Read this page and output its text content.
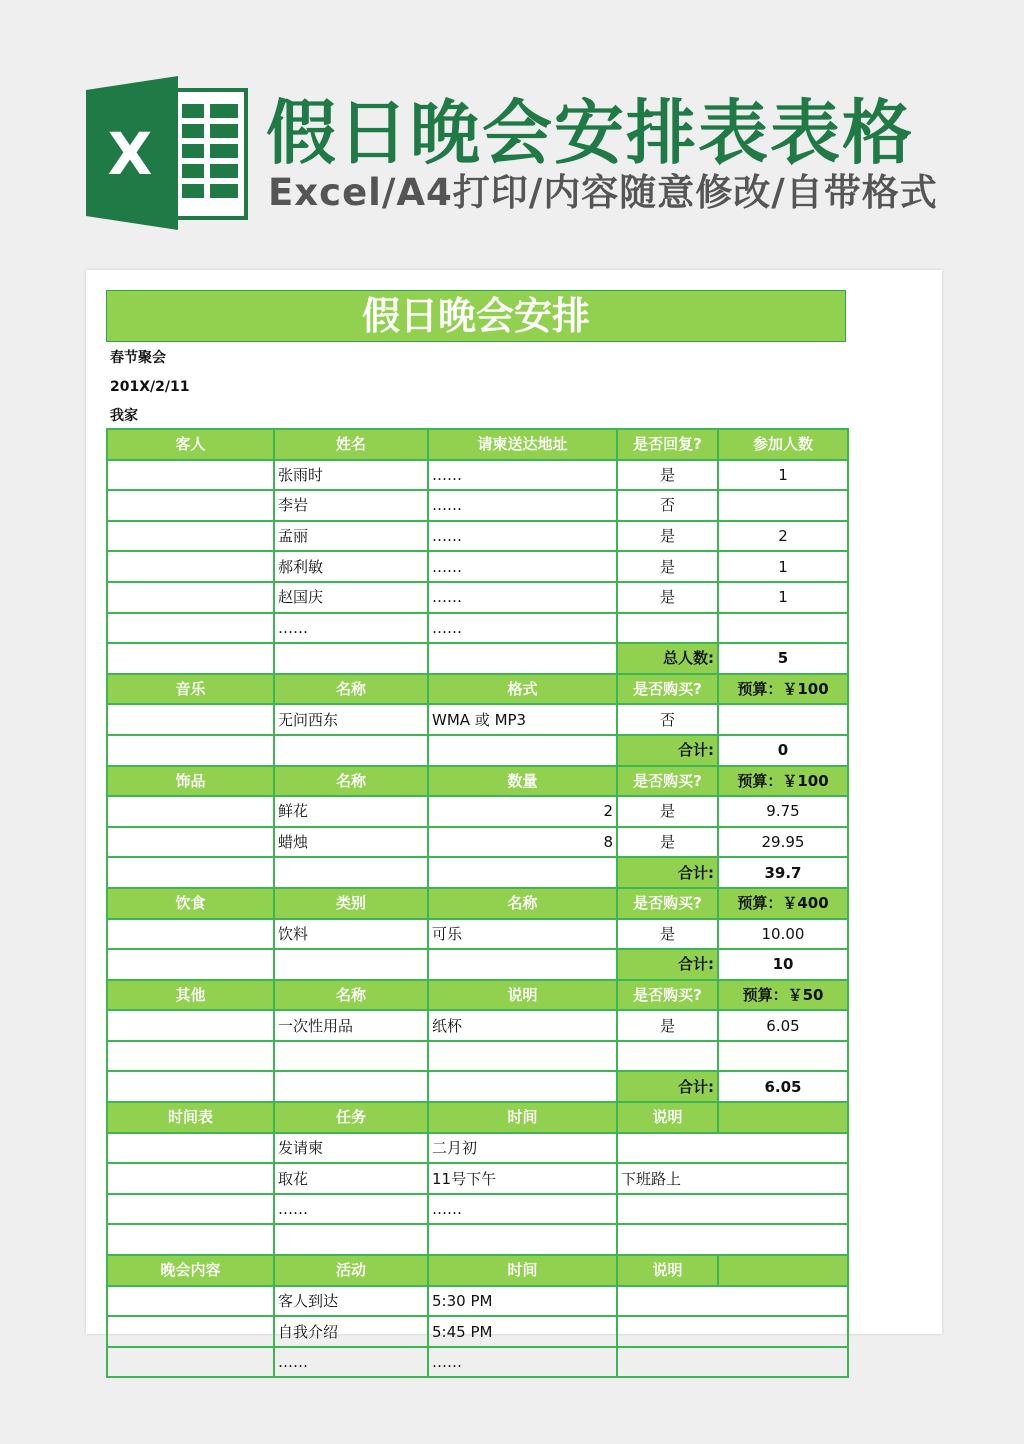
X 假日晚会安排表表格
Excel/A4打印/内容随意修改/自带格式
假日晚会安排
春节聚会
201X/2/11
我家
客人	姓名	请柬送达地址	是否回复?	参加人数
	张雨时	……	是	1
	李岩	……	否	
	孟丽	……	是	2
	郝利敏	……	是	1
	赵国庆	……	是	1
	……	……		
			总人数:	5
音乐	名称	格式	是否购买?	预算：￥100
	无问西东	WMA 或 MP3	否	
			合计:	0
饰品	名称	数量	是否购买?	预算：￥100
	鲜花	2	是	9.75
	蜡烛	8	是	29.95
			合计:	39.7
饮食	类别	名称	是否购买?	预算：￥400
	饮料	可乐	是	10.00
			合计:	10
其他	名称	说明	是否购买?	预算：￥50
	一次性用品	纸杯	是	6.05

			合计:	6.05
时间表	任务	时间	说明	
	发请柬	二月初		
	取花	11号下午	下班路上	
	……	……		

晚会内容	活动	时间	说明	
	客人到达	5:30 PM		
	自我介绍	5:45 PM		
	……	……		
